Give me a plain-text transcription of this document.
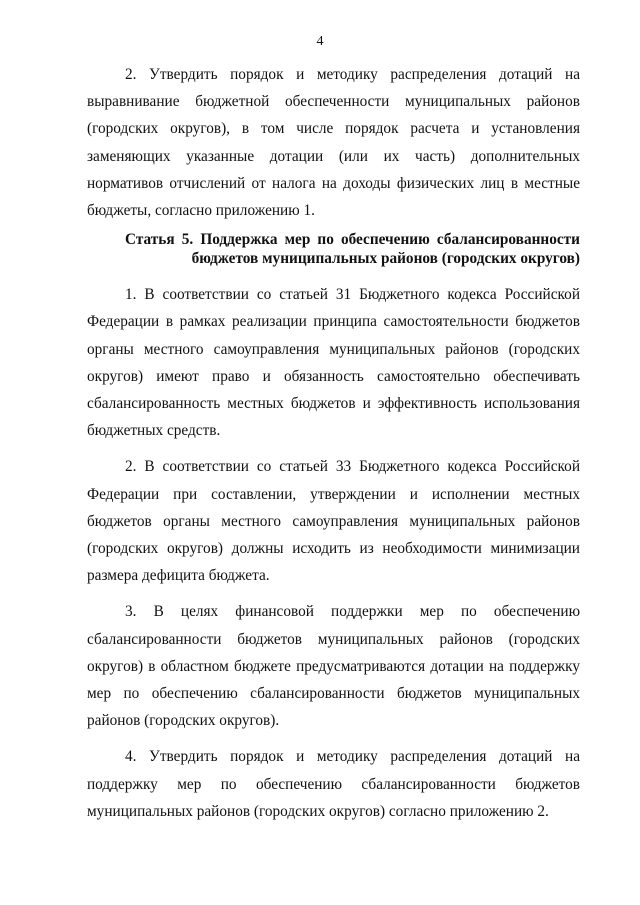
4

2. Утвердить порядок и методику распределения дотаций на выравнивание бюджетной обеспеченности муниципальных районов (городских округов), в том числе порядок расчета и установления заменяющих указанные дотации (или их часть) дополнительных нормативов отчислений от налога на доходы физических лиц в местные бюджеты, согласно приложению 1.

Статья 5. Поддержка мер по обеспечению сбалансированности
бюджетов муниципальных районов (городских округов)

1. В соответствии со статьей 31 Бюджетного кодекса Российской Федерации в рамках реализации принципа самостоятельности бюджетов органы местного самоуправления муниципальных районов (городских округов) имеют право и обязанность самостоятельно обеспечивать сбалансированность местных бюджетов и эффективность использования бюджетных средств.

2. В соответствии со статьей 33 Бюджетного кодекса Российской Федерации при составлении, утверждении и исполнении местных бюджетов органы местного самоуправления муниципальных районов (городских округов) должны исходить из необходимости минимизации размера дефицита бюджета.

3. В целях финансовой поддержки мер по обеспечению сбалансированности бюджетов муниципальных районов (городских округов) в областном бюджете предусматриваются дотации на поддержку мер по обеспечению сбалансированности бюджетов муниципальных районов (городских округов).

4. Утвердить порядок и методику распределения дотаций на поддержку мер по обеспечению сбалансированности бюджетов муниципальных районов (городских округов) согласно приложению 2.
